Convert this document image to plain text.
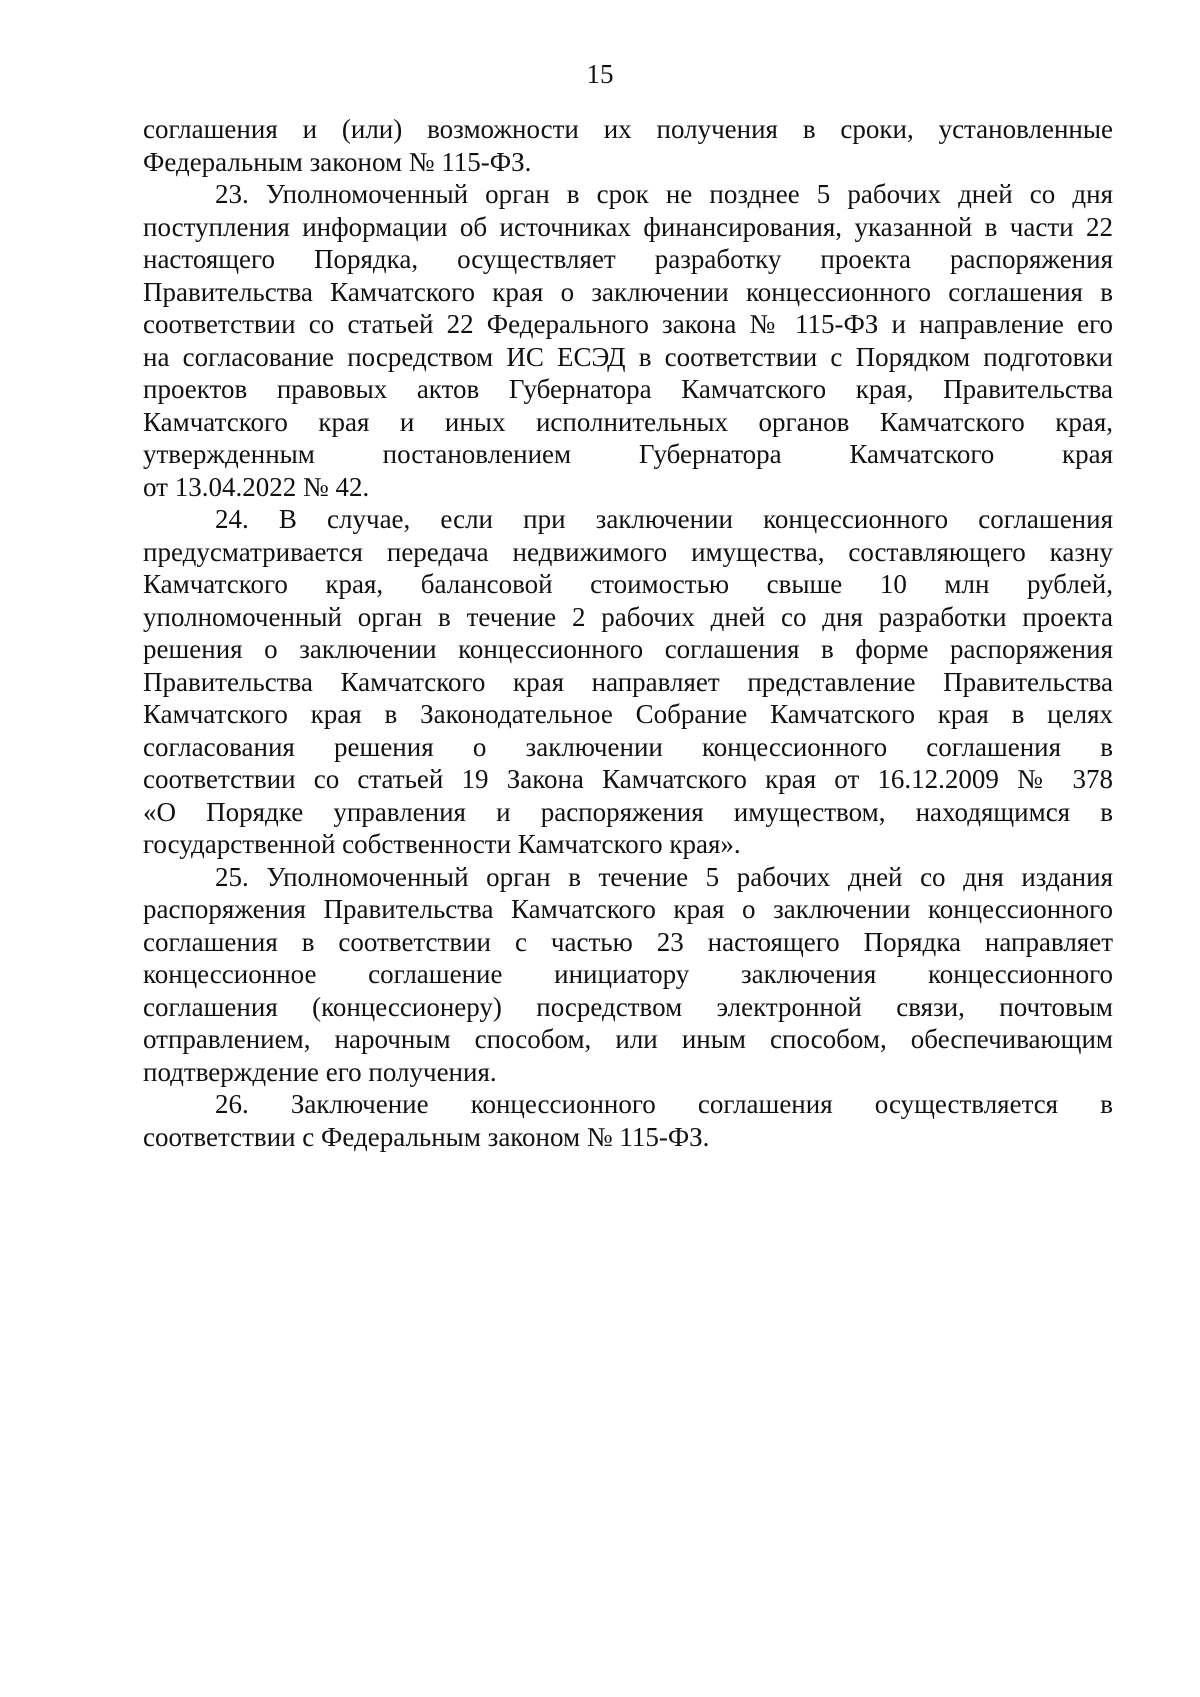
15

соглашения и (или) возможности их получения в сроки, установленные
Федеральным законом № 115-ФЗ.

23. Уполномоченный орган в срок не позднее 5 рабочих дней со дня
поступления информации об источниках финансирования, указанной в части 22
настоящего Порядка, осуществляет разработку проекта распоряжения
Правительства Камчатского края о заключении концессионного соглашения в
соответствии со статьей 22 Федерального закона № 115-ФЗ и направление его
на согласование посредством ИС ЕСЭД в соответствии с Порядком подготовки
проектов правовых актов Губернатора Камчатского края, Правительства
Камчатского края и иных исполнительных органов Камчатского края,
утвержденным постановлением Губернатора Камчатского края
от 13.04.2022 № 42.

24. В случае, если при заключении концессионного соглашения
предусматривается передача недвижимого имущества, составляющего казну
Камчатского края, балансовой стоимостью свыше 10 млн рублей,
уполномоченный орган в течение 2 рабочих дней со дня разработки проекта
решения о заключении концессионного соглашения в форме распоряжения
Правительства Камчатского края направляет представление Правительства
Камчатского края в Законодательное Собрание Камчатского края в целях
согласования решения о заключении концессионного соглашения в
соответствии со статьей 19 Закона Камчатского края от 16.12.2009 № 378
«О Порядке управления и распоряжения имуществом, находящимся в
государственной собственности Камчатского края».

25. Уполномоченный орган в течение 5 рабочих дней со дня издания
распоряжения Правительства Камчатского края о заключении концессионного
соглашения в соответствии с частью 23 настоящего Порядка направляет
концессионное соглашение инициатору заключения концессионного
соглашения (концессионеру) посредством электронной связи, почтовым
отправлением, нарочным способом, или иным способом, обеспечивающим
подтверждение его получения.

26. Заключение концессионного соглашения осуществляется в
соответствии с Федеральным законом № 115-ФЗ.
